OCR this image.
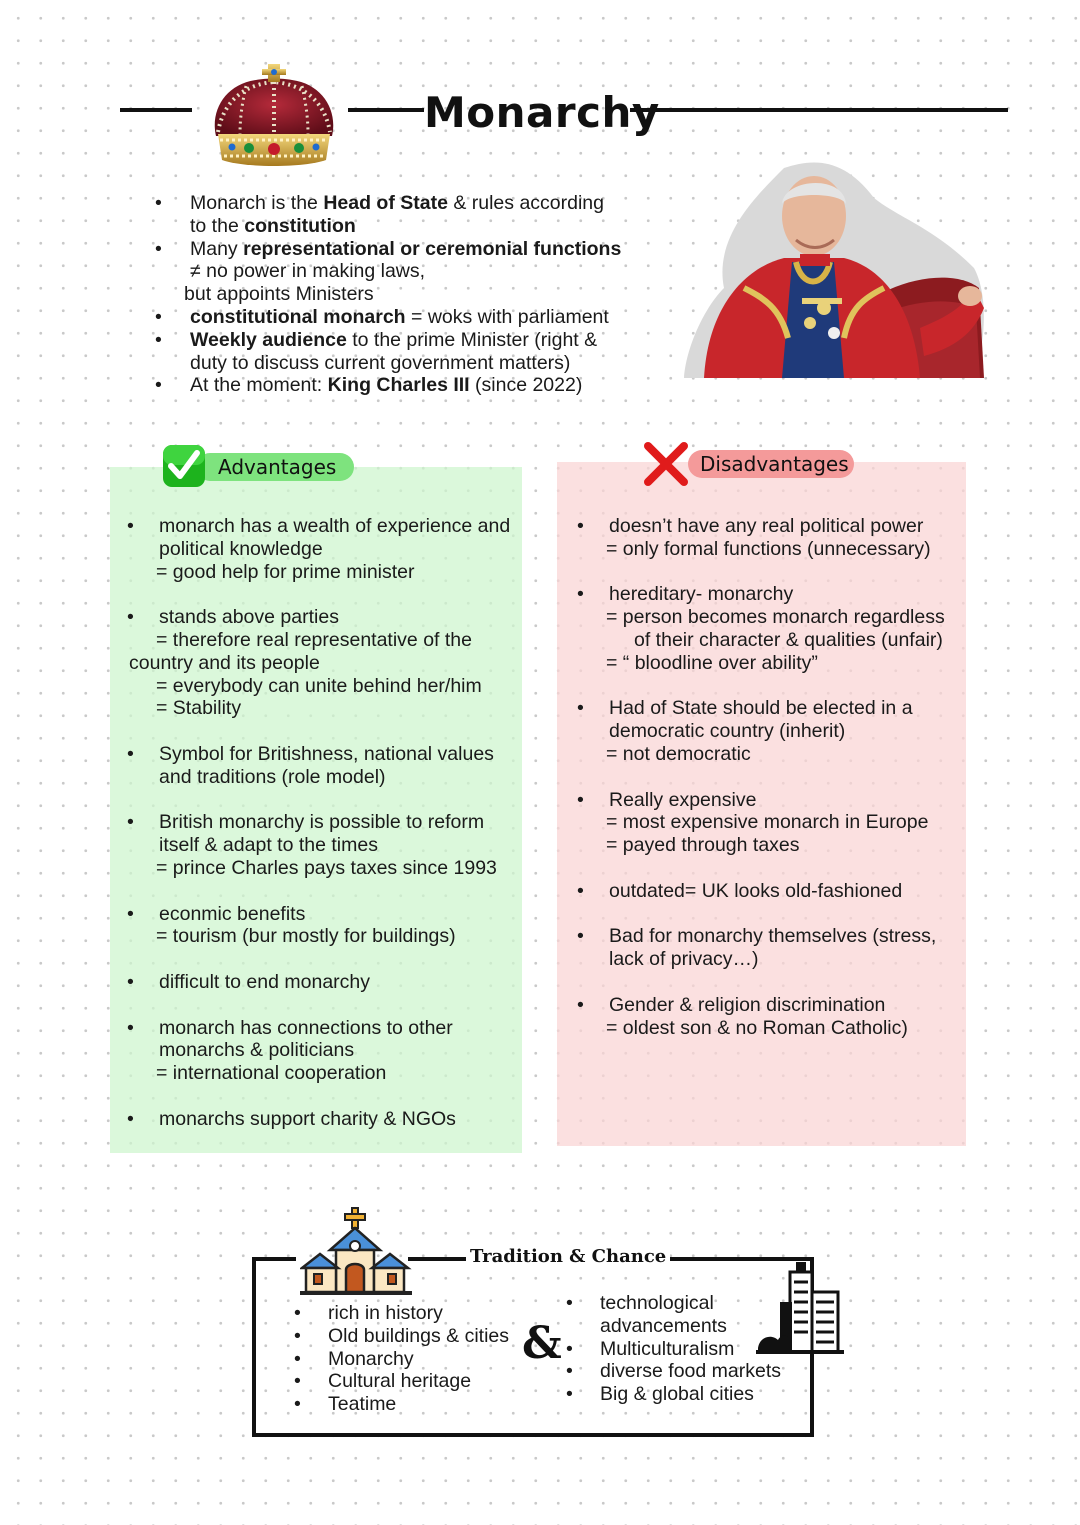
Monarchy
• Monarch is the Head of State & rules according
to the constitution
• Many representational or ceremonial functions
≠ no power in making laws,
but appoints Ministers
• constitutional monarch = woks with parliament
• Weekly audience to the prime Minister (right &
duty to discuss current government matters)
• At the moment: King Charles III (since 2022)
Advantages
• monarch has a wealth of experience and
political knowledge
= good help for prime minister
• stands above parties
= therefore real representative of the
country and its people
= everybody can unite behind her/him
= Stability
• Symbol for Britishness, national values
and traditions (role model)
• British monarchy is possible to reform
itself & adapt to the times
= prince Charles pays taxes since 1993
• econmic benefits
= tourism (bur mostly for buildings)
• difficult to end monarchy
• monarch has connections to other
monarchs & politicians
= international cooperation
• monarchs support charity & NGOs
Disadvantages
• doesn’t have any real political power
= only formal functions (unnecessary)
• hereditary- monarchy
= person becomes monarch regardless
of their character & qualities (unfair)
= “ bloodline over ability”
• Had of State should be elected in a
democratic country (inherit)
= not democratic
• Really expensive
= most expensive monarch in Europe
= payed through taxes
• outdated= UK looks old-fashioned
• Bad for monarchy themselves (stress,
lack of privacy…)
• Gender & religion discrimination
= oldest son & no Roman Catholic)
Tradition & Chance
• rich in history
• Old buildings & cities
• Monarchy
• Cultural heritage
• Teatime
&
• technological
advancements
• Multiculturalism
• diverse food markets
• Big & global cities
